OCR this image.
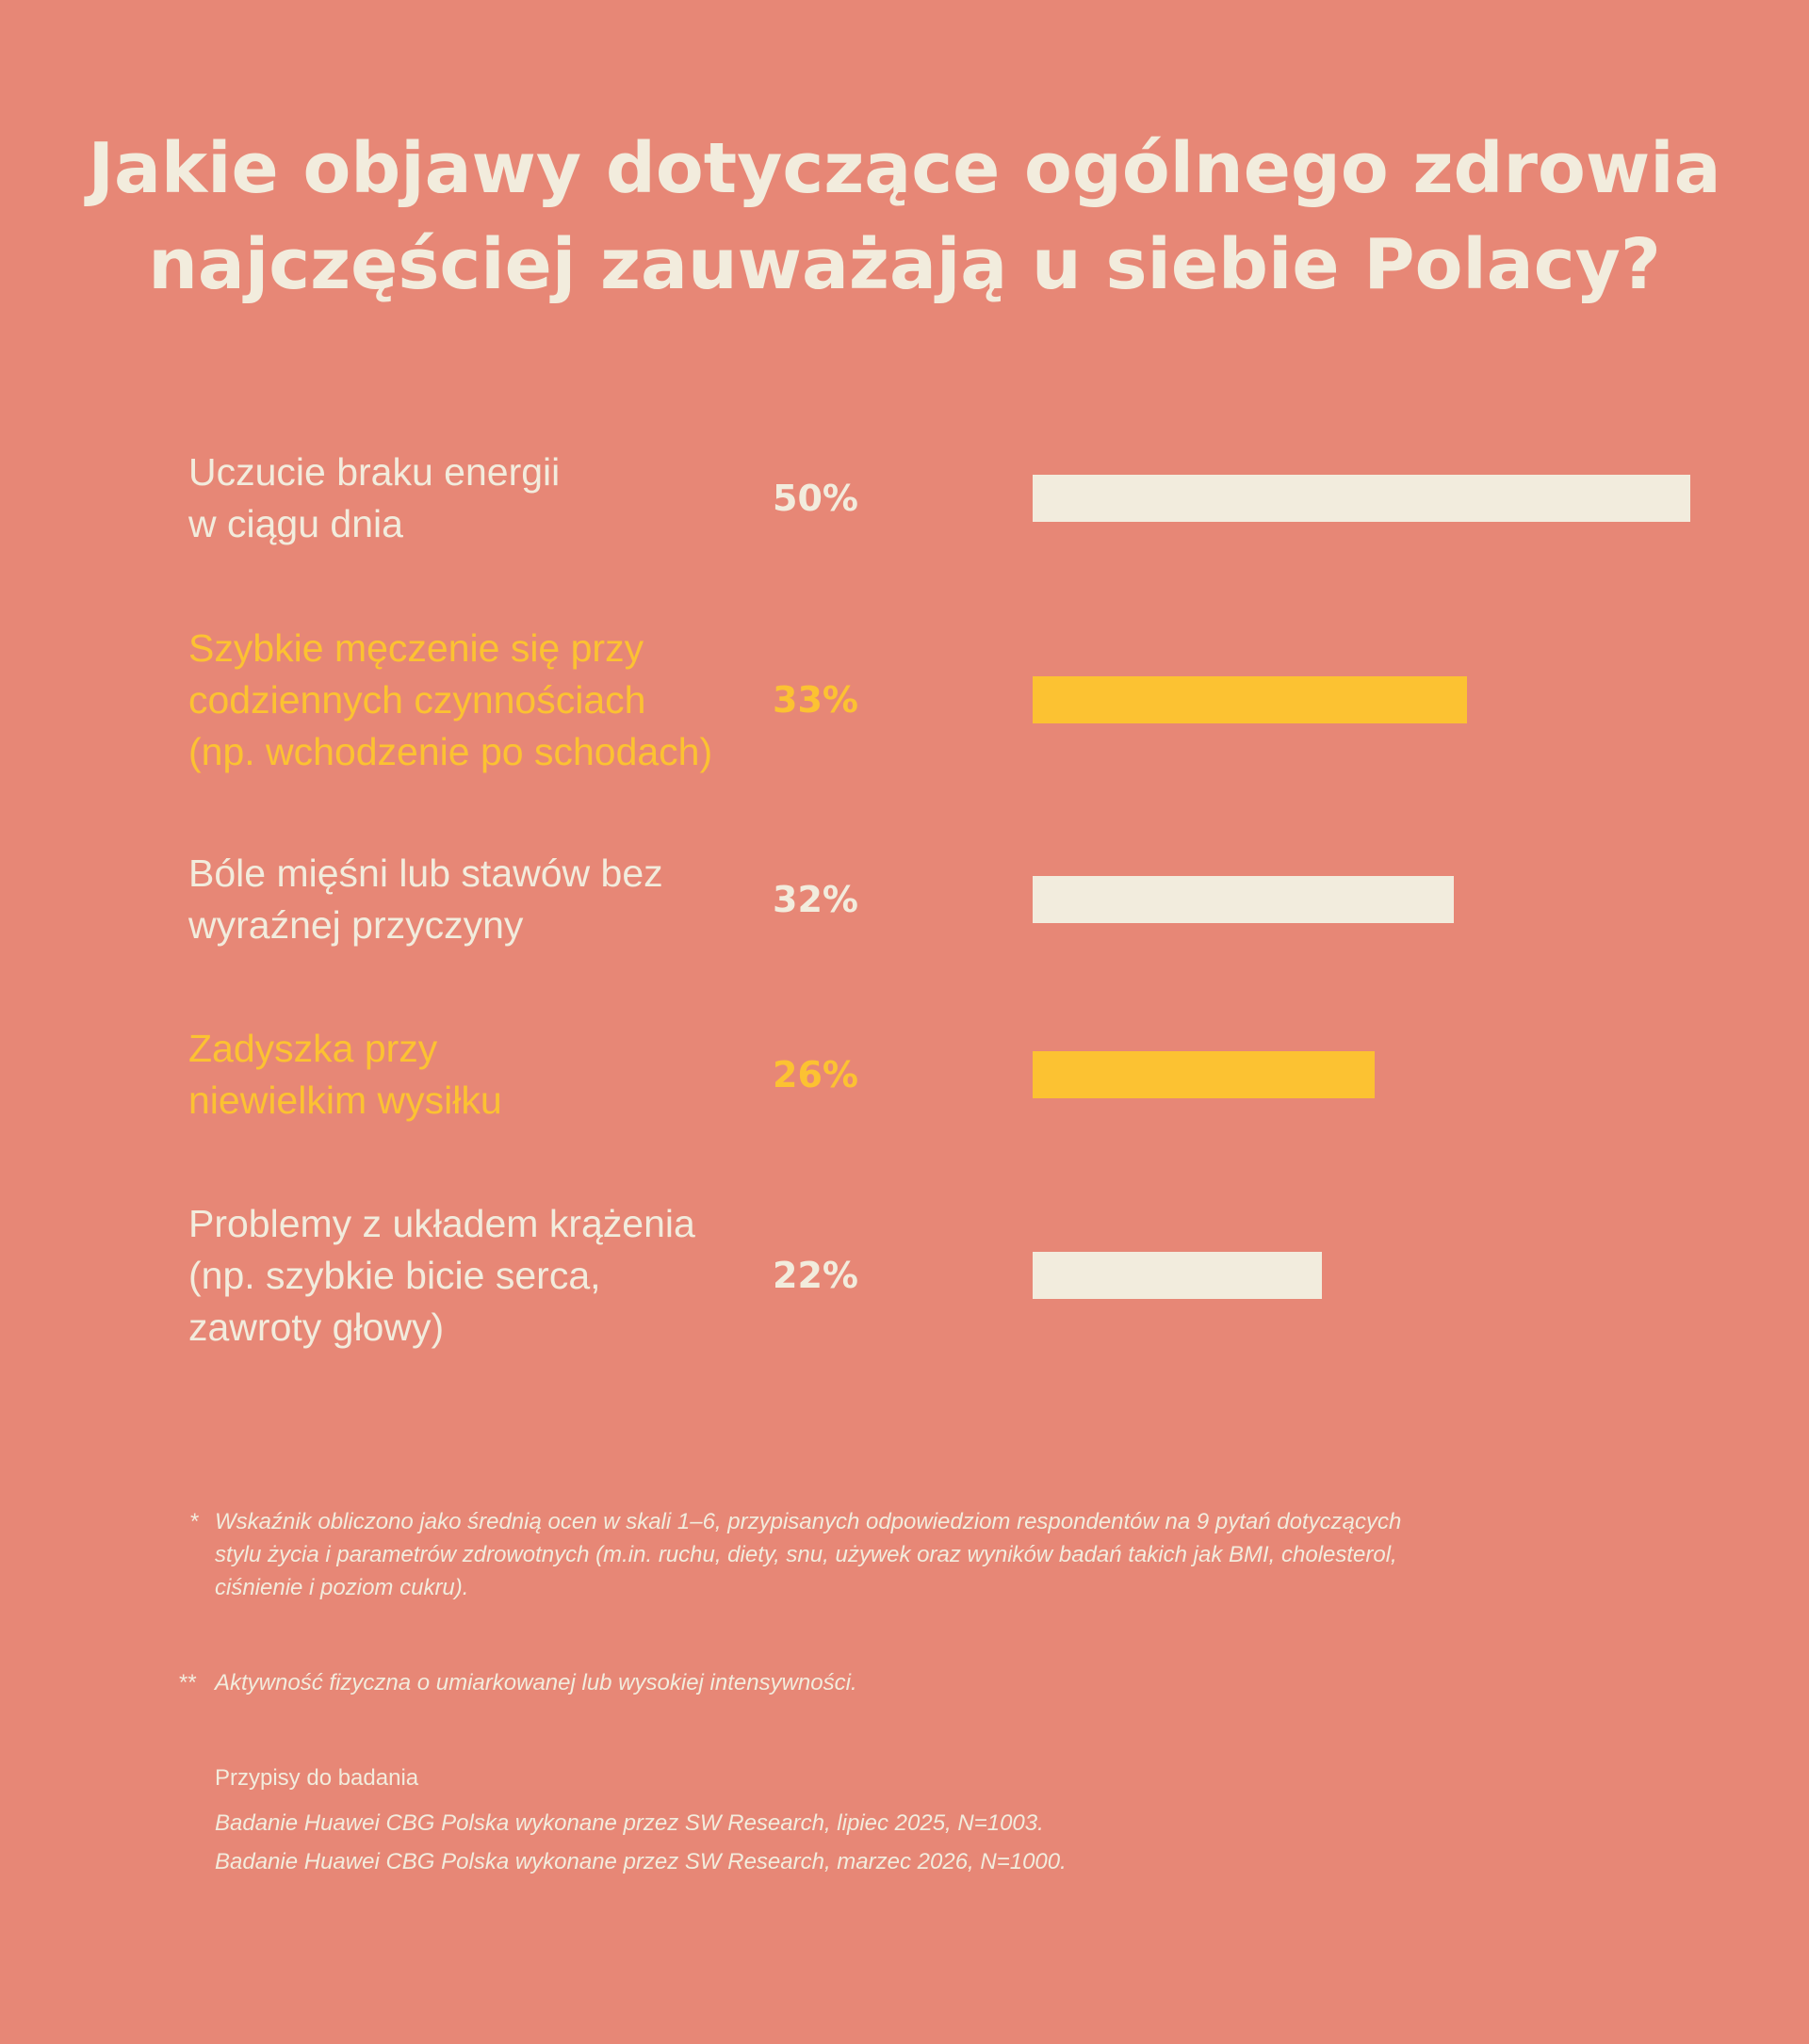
Jakie objawy dotyczące ogólnego zdrowia
najczęściej zauważają u siebie Polacy?
Uczucie braku energii
w ciągu dnia
50%
Szybkie męczenie się przy
codziennych czynnościach
(np. wchodzenie po schodach)
33%
Bóle mięśni lub stawów bez
wyraźnej przyczyny
32%
Zadyszka przy
niewielkim wysiłku
26%
Problemy z układem krążenia
(np. szybkie bicie serca,
zawroty głowy)
22%
* Wskaźnik obliczono jako średnią ocen w skali 1–6, przypisanych odpowiedziom respondentów na 9 pytań dotyczących
stylu życia i parametrów zdrowotnych (m.in. ruchu, diety, snu, używek oraz wyników badań takich jak BMI, cholesterol,
ciśnienie i poziom cukru).
** Aktywność fizyczna o umiarkowanej lub wysokiej intensywności.
Przypisy do badania
Badanie Huawei CBG Polska wykonane przez SW Research, lipiec 2025, N=1003.
Badanie Huawei CBG Polska wykonane przez SW Research, marzec 2026, N=1000.
